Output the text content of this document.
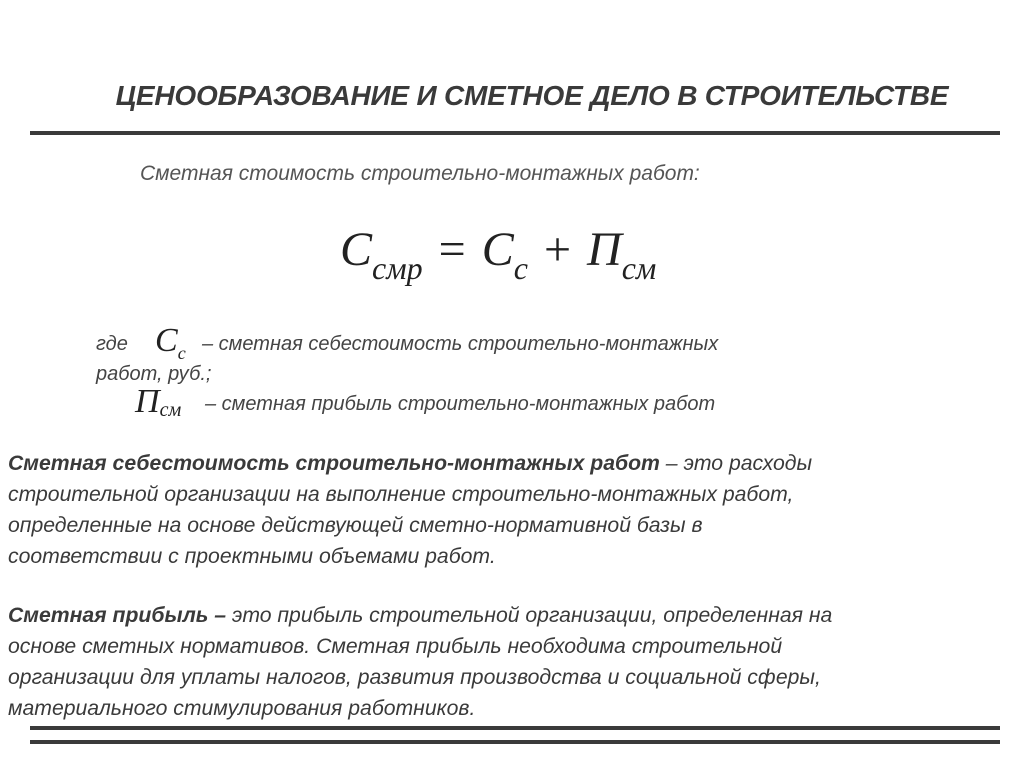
ЦЕНООБРАЗОВАНИЕ И СМЕТНОЕ ДЕЛО В СТРОИТЕЛЬСТВЕ
Сметная стоимость строительно-монтажных работ:
$C_{смр} = C_с + П_{см}$
где $C_с$ – сметная себестоимость строительно-монтажных
работ, руб.;
Псм – сметная прибыль строительно-монтажных работ

Сметная себестоимость строительно-монтажных работ – это расходы
строительной организации на выполнение строительно-монтажных работ,
определенные на основе действующей сметно-нормативной базы в
соответствии с проектными объемами работ.

Сметная прибыль – это прибыль строительной организации, определенная на
основе сметных нормативов. Сметная прибыль необходима строительной
организации для уплаты налогов, развития производства и социальной сферы,
материального стимулирования работников.
